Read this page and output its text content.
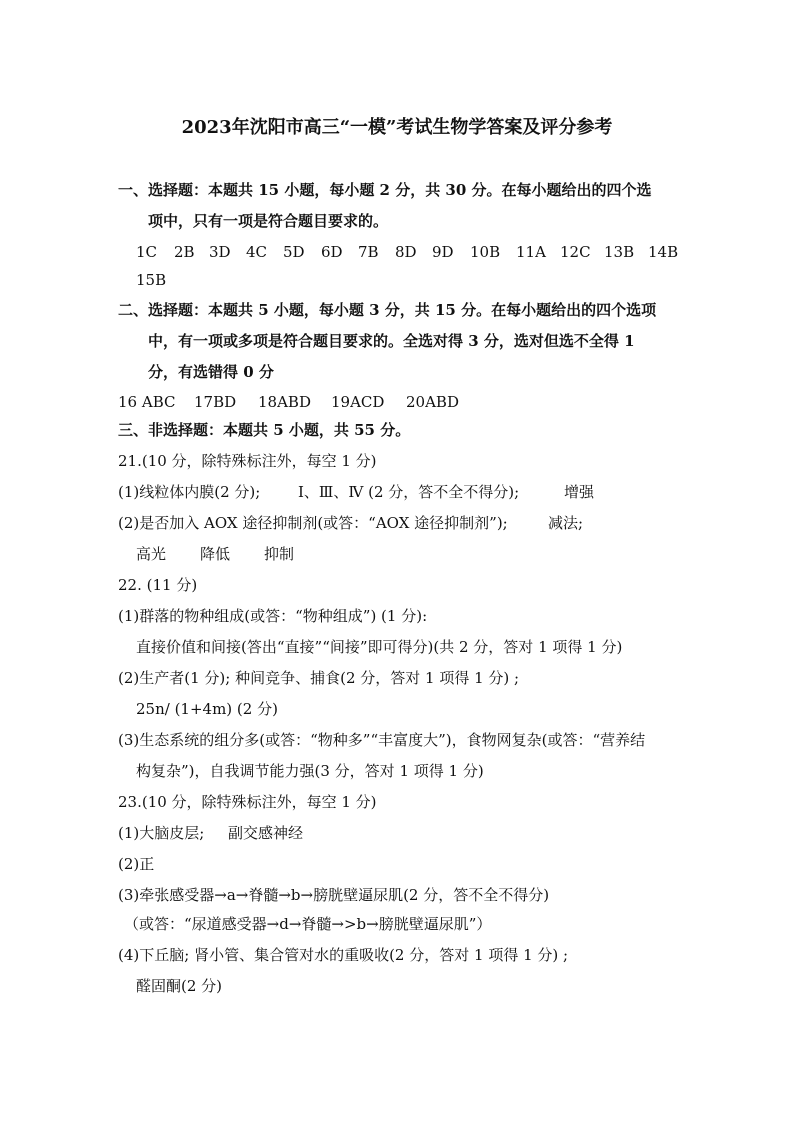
2023年沈阳市高三“一模”考试生物学答案及评分参考
一、选择题：本题共 15 小题，每小题 2 分，共 30 分。在每小题给出的四个选
项中，只有一项是符合题目要求的。
1C 2B 3D 4C 5D 6D 7B 8D 9D 10B 11A 12C 13B 14B
15B
二、选择题：本题共 5 小题，每小题 3 分，共 15 分。在每小题给出的四个选项
中，有一项或多项是符合题目要求的。全选对得 3 分，选对但选不全得 1
分，有选错得 0 分
16 ABC 17BD 18ABD 19ACD 20ABD
三、非选择题：本题共 5 小题，共 55 分。
21.(10 分，除特殊标注外，每空 1 分)
(1)线粒体内膜(2 分);	Ⅰ、Ⅲ、Ⅳ (2 分，答不全不得分);	增强
(2)是否加入 AOX 途径抑制剂(或答：“AOX 途径抑制剂”);	减法;
高光 降低 抑制
22. (11 分)
(1)群落的物种组成(或答：“物种组成”) (1 分):
直接价值和间接(答出“直接”“间接”即可得分)(共 2 分，答对 1 项得 1 分)
(2)生产者(1 分); 种间竞争、捕食(2 分，答对 1 项得 1 分) ;
25n/ (1+4m) (2 分)
(3)生态系统的组分多(或答：“物种多”“丰富度大”)，食物网复杂(或答：“营养结
构复杂”)，自我调节能力强(3 分，答对 1 项得 1 分)
23.(10 分，除特殊标注外，每空 1 分)
(1)大脑皮层; 副交感神经
(2)正
(3)牵张感受器→a→脊髓→b→膀胱壁逼尿肌(2 分，答不全不得分)
（或答：“尿道感受器→d→脊髓→>b→膀胱壁逼尿肌”）
(4)下丘脑; 肾小管、集合管对水的重吸收(2 分，答对 1 项得 1 分) ;
醛固酮(2 分)
